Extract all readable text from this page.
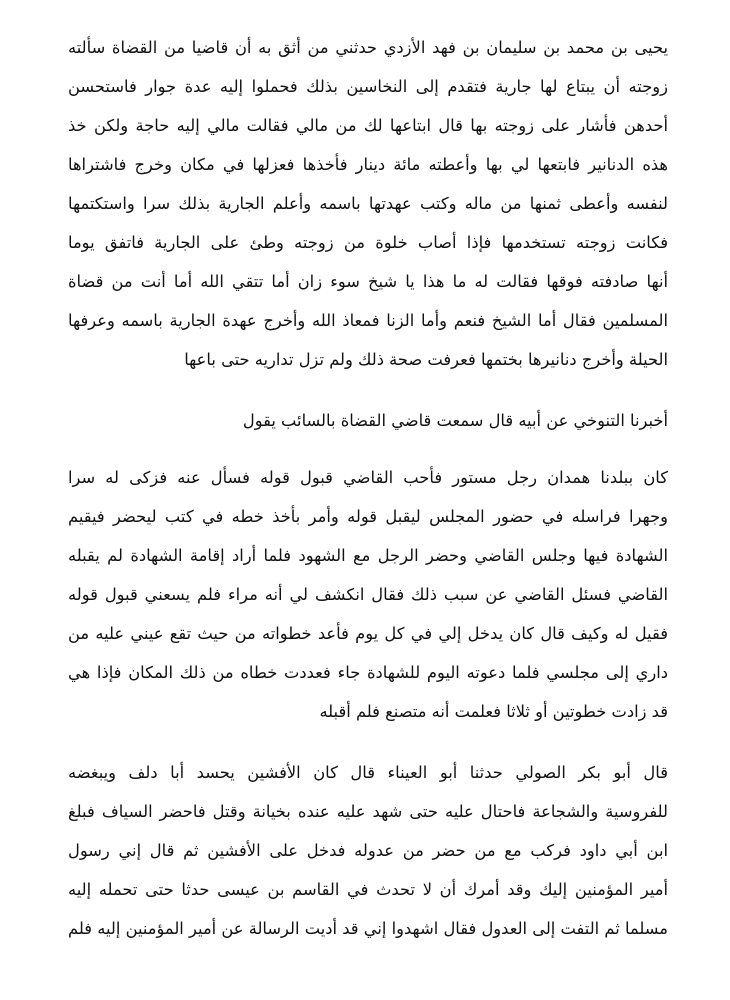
يحيى بن محمد بن سليمان بن فهد الأزدي حدثني من أثق به أن قاضيا من القضاة سألته
زوجته أن يبتاع لها جارية فتقدم إلى النخاسين بذلك فحملوا إليه عدة جوار فاستحسن
أحدهن فأشار على زوجته بها قال ابتاعها لك من مالي فقالت مالي إليه حاجة ولكن خذ
هذه الدنانير فابتعها لي بها وأعطته مائة دينار فأخذها فعزلها في مكان وخرج فاشتراها
لنفسه وأعطى ثمنها من ماله وكتب عهدتها باسمه وأعلم الجارية بذلك سرا واستكتمها
فكانت زوجته تستخدمها فإذا أصاب خلوة من زوجته وطئ على الجارية فاتفق يوما
أنها صادفته فوقها فقالت له ما هذا يا شيخ سوء زان أما تتقي الله أما أنت من قضاة
المسلمين فقال أما الشيخ فنعم وأما الزنا فمعاذ الله وأخرج عهدة الجارية باسمه وعرفها
الحيلة وأخرج دنانيرها بختمها فعرفت صحة ذلك ولم تزل تداريه حتى باعها
أخبرنا التنوخي عن أبيه قال سمعت قاضي القضاة بالسائب يقول
كان ببلدنا همدان رجل مستور فأحب القاضي قبول قوله فسأل عنه فزكى له سرا
وجهرا فراسله في حضور المجلس ليقبل قوله وأمر بأخذ خطه في كتب ليحضر فيقيم
الشهادة فيها وجلس القاضي وحضر الرجل مع الشهود فلما أراد إقامة الشهادة لم يقبله
القاضي فسئل القاضي عن سبب ذلك فقال انكشف لي أنه مراء فلم يسعني قبول قوله
فقيل له وكيف قال كان يدخل إلي في كل يوم فأعد خطواته من حيث تقع عيني عليه من
داري إلى مجلسي فلما دعوته اليوم للشهادة جاء فعددت خطاه من ذلك المكان فإذا هي
قد زادت خطوتين أو ثلاثا فعلمت أنه متصنع فلم أقبله
قال أبو بكر الصولي حدثنا أبو العيناء قال كان الأفشين يحسد أبا دلف ويبغضه
للفروسية والشجاعة فاحتال عليه حتى شهد عليه عنده بخيانة وقتل فاحضر السياف فبلغ
ابن أبي داود فركب مع من حضر من عدوله فدخل على الأفشين ثم قال إني رسول
أمير المؤمنين إليك وقد أمرك أن لا تحدث في القاسم بن عيسى حدثا حتى تحمله إليه
مسلما ثم التفت إلى العدول فقال اشهدوا إني قد أديت الرسالة عن أمير المؤمنين إليه فلم
